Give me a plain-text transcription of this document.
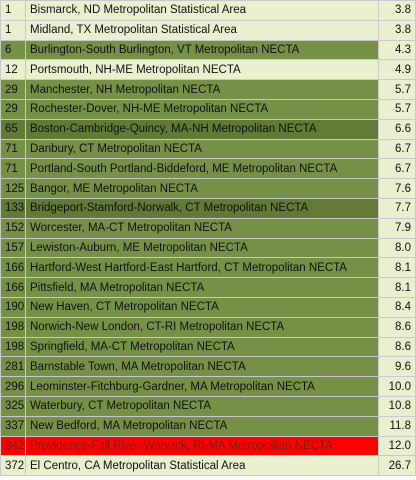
1	Bismarck, ND Metropolitan Statistical Area	3.8
1	Midland, TX Metropolitan Statistical Area	3.8
6	Burlington-South Burlington, VT Metropolitan NECTA	4.3
12	Portsmouth, NH-ME Metropolitan NECTA	4.9
29	Manchester, NH Metropolitan NECTA	5.7
29	Rochester-Dover, NH-ME Metropolitan NECTA	5.7
65	Boston-Cambridge-Quincy, MA-NH Metropolitan NECTA	6.6
71	Danbury, CT Metropolitan NECTA	6.7
71	Portland-South Portland-Biddeford, ME Metropolitan NECTA	6.7
125	Bangor, ME Metropolitan NECTA	7.6
133	Bridgeport-Stamford-Norwalk, CT Metropolitan NECTA	7.7
152	Worcester, MA-CT Metropolitan NECTA	7.9
157	Lewiston-Auburn, ME Metropolitan NECTA	8.0
166	Hartford-West Hartford-East Hartford, CT Metropolitan NECTA	8.1
166	Pittsfield, MA Metropolitan NECTA	8.1
190	New Haven, CT Metropolitan NECTA	8.4
198	Norwich-New London, CT-RI Metropolitan NECTA	8.6
198	Springfield, MA-CT Metropolitan NECTA	8.6
281	Barnstable Town, MA Metropolitan NECTA	9.6
296	Leominster-Fitchburg-Gardner, MA Metropolitan NECTA	10.0
325	Waterbury, CT Metropolitan NECTA	10.8
337	New Bedford, MA Metropolitan NECTA	11.8
342	Providence-Fall River-Warwick, RI-MA Metropolitan NECTA	12.0
372	El Centro, CA Metropolitan Statistical Area	26.7
